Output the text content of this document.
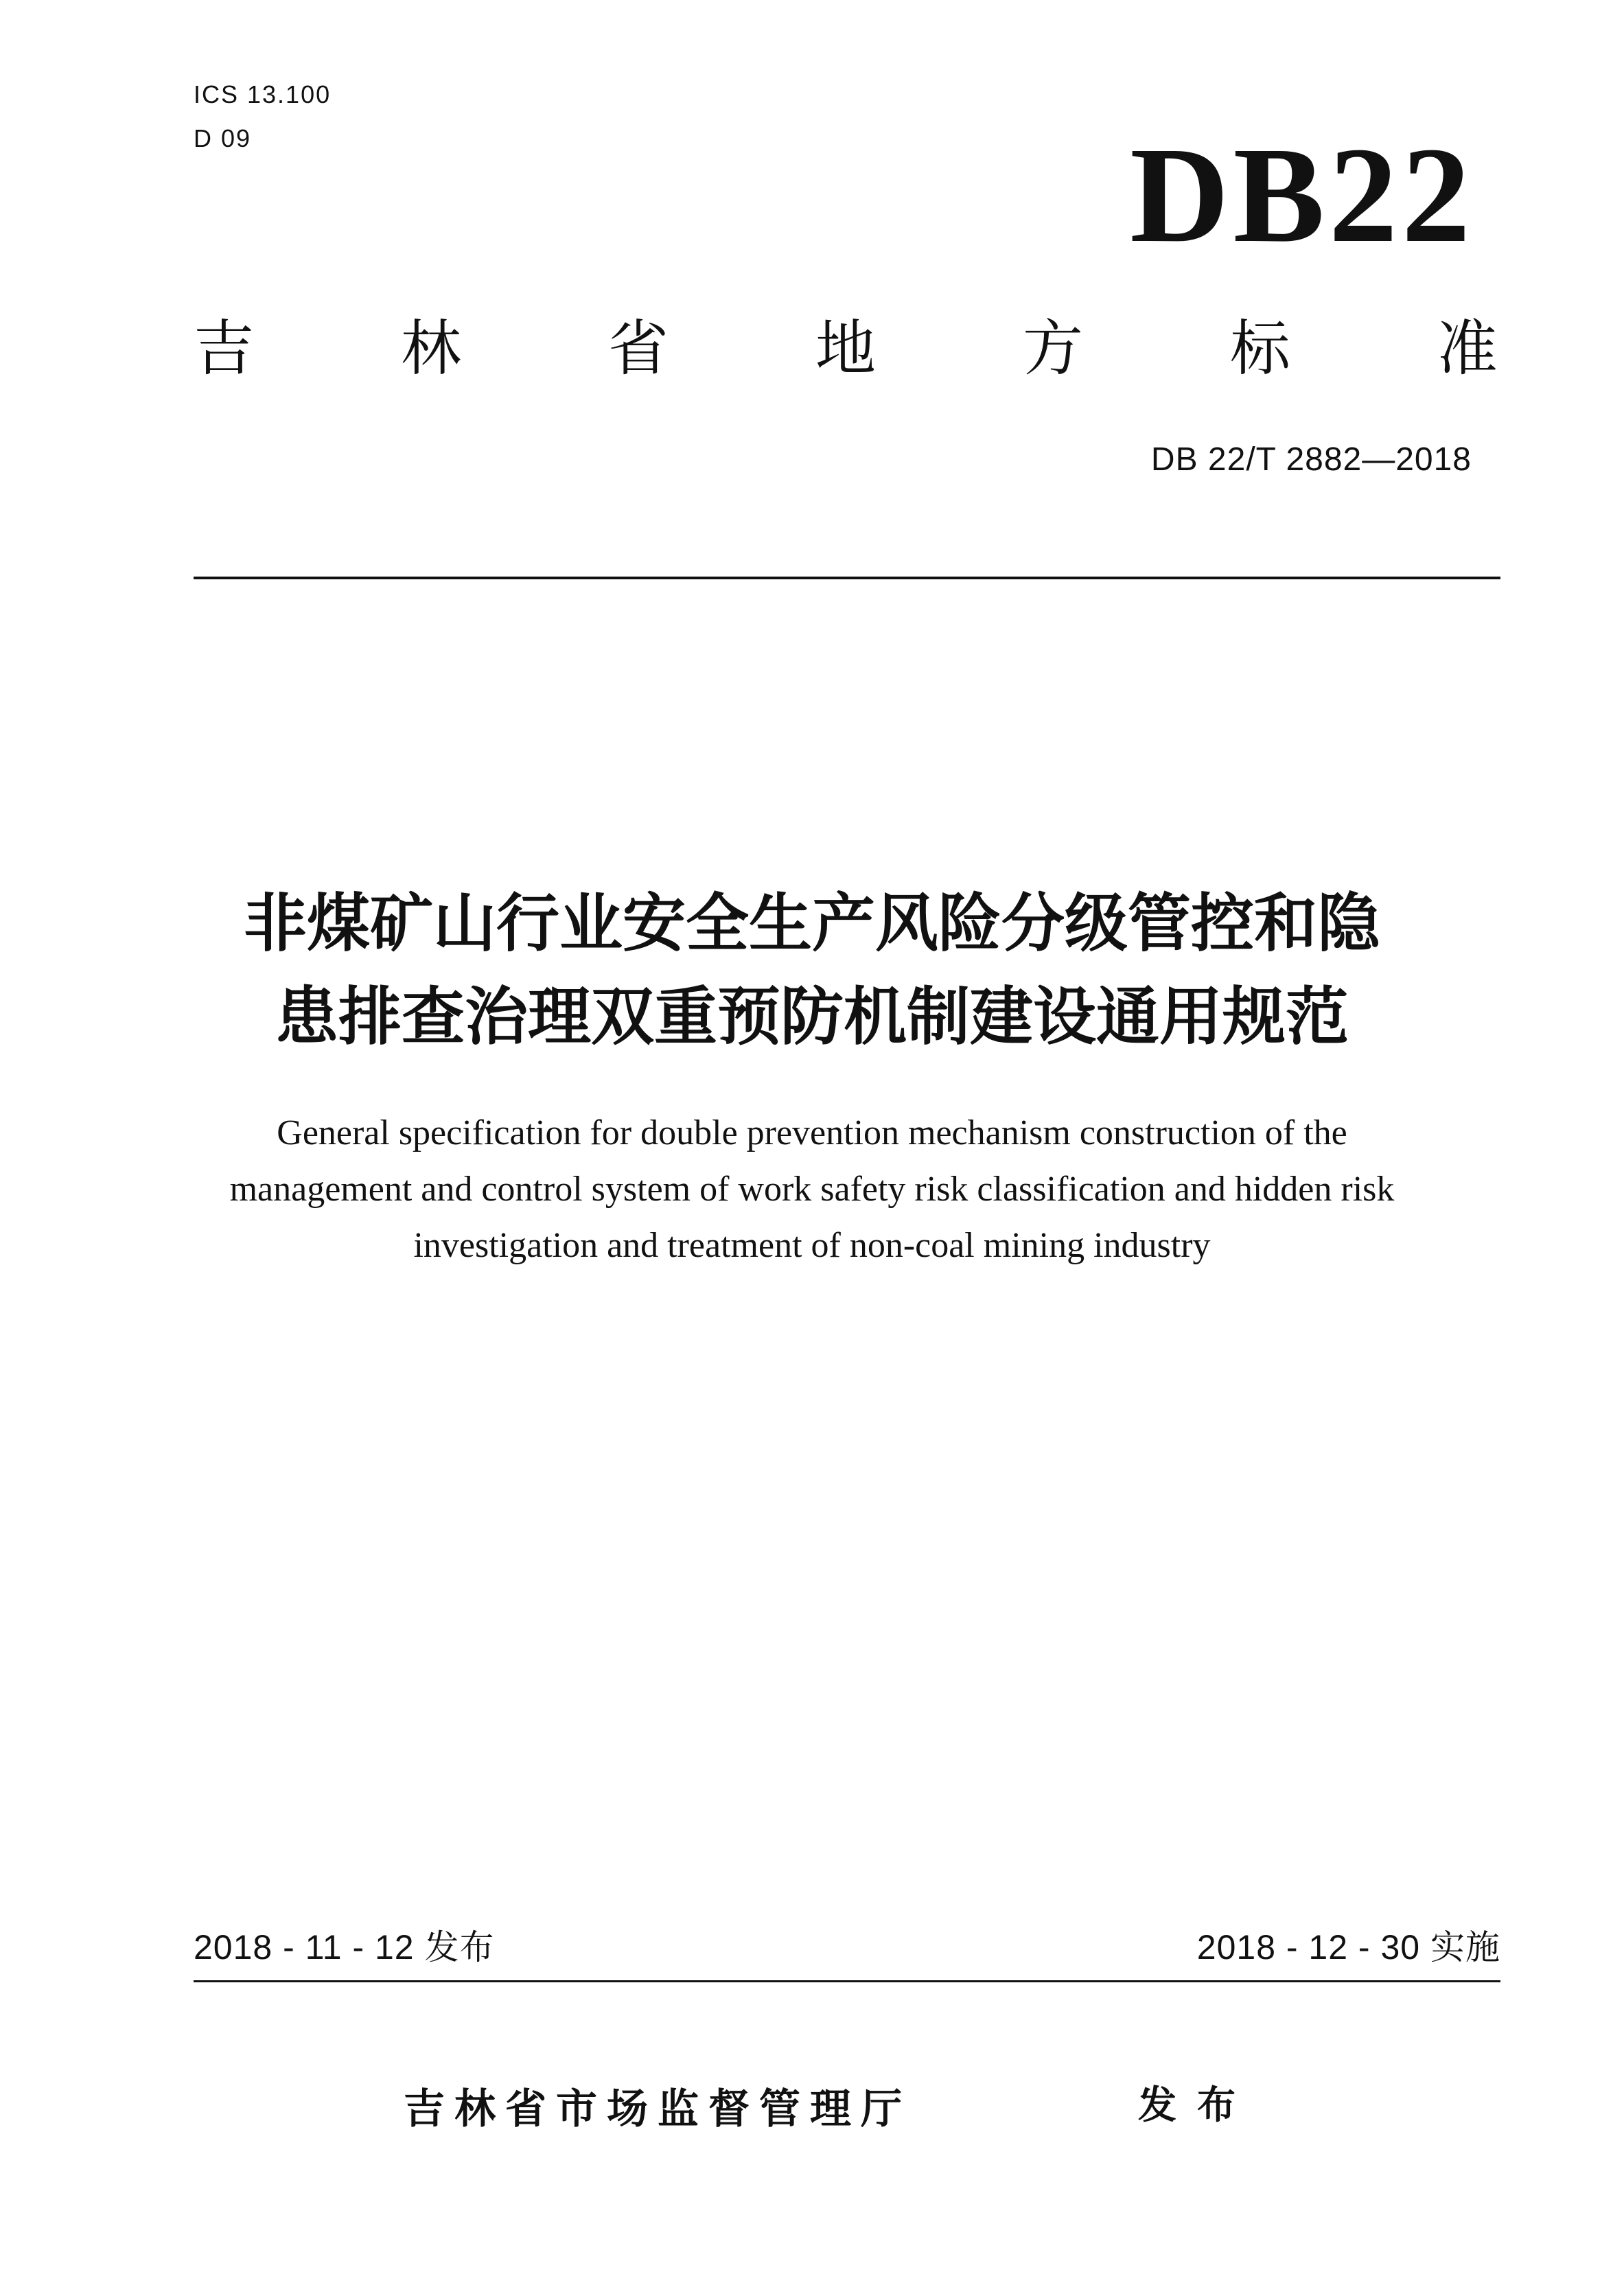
ICS 13.100
D 09	DB22
吉 林 省 地 方 标 准
DB 22/T 2882—2018
非煤矿山行业安全生产风险分级管控和隐
患排查治理双重预防机制建设通用规范
General specification for double prevention mechanism construction of the
management and control system of work safety risk classification and hidden risk
investigation and treatment of non-coal mining industry
2018 - 11 - 12 发布	2018 - 12 - 30 实施
吉林省市场监督管理厅	发布
